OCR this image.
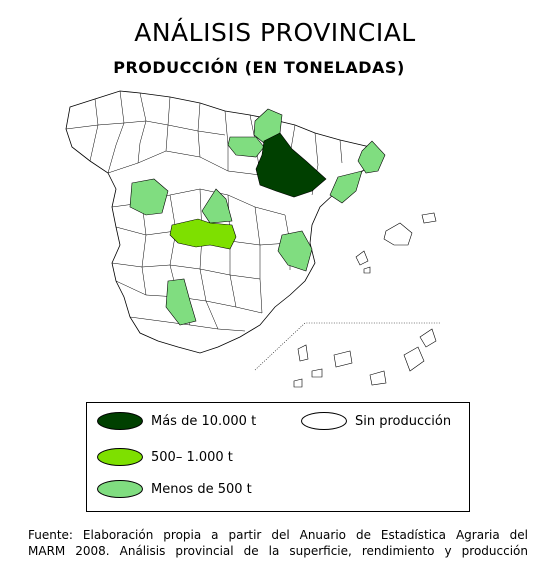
ANÁLISIS PROVINCIAL
PRODUCCIÓN (EN TONELADAS)
Más de 10.000 t	Sin producción
500– 1.000 t
Menos de 500 t
Fuente: Elaboración propia a partir del Anuario de Estadística Agraria del
MARM 2008. Análisis provincial de la superficie, rendimiento y producción
